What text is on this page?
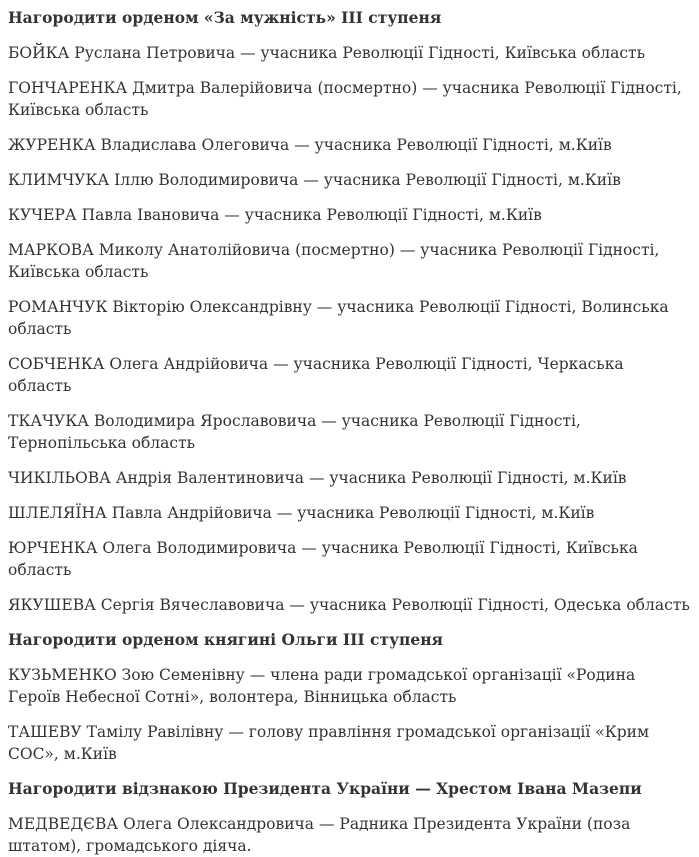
Нагородити орденом «За мужність» ІІІ ступеня
БОЙКА Руслана Петровича — учасника Революції Гідності, Київська область
ГОНЧАРЕНКА Дмитра Валерійовича (посмертно) — учасника Революції Гідності, Київська область
ЖУРЕНКА Владислава Олеговича — учасника Революції Гідності, м.Київ
КЛИМЧУКА Іллю Володимировича — учасника Революції Гідності, м.Київ
КУЧЕРА Павла Івановича — учасника Революції Гідності, м.Київ
МАРКОВА Миколу Анатолійовича (посмертно) — учасника Революції Гідності, Київська область
РОМАНЧУК Вікторію Олександрівну — учасника Революції Гідності, Волинська область
СОБЧЕНКА Олега Андрійовича — учасника Революції Гідності, Черкаська область
ТКАЧУКА Володимира Ярославовича — учасника Революції Гідності, Тернопільська область
ЧИКІЛЬОВА Андрія Валентиновича — учасника Революції Гідності, м.Київ
ШЛЕЛЯЇНА Павла Андрійовича — учасника Революції Гідності, м.Київ
ЮРЧЕНКА Олега Володимировича — учасника Революції Гідності, Київська область
ЯКУШЕВА Сергія Вячеславовича — учасника Революції Гідності, Одеська область
Нагородити орденом княгині Ольги ІІІ ступеня
КУЗЬМЕНКО Зою Семенівну — члена ради громадської організації «Родина Героїв Небесної Сотні», волонтера, Вінницька область
ТАШЕВУ Тамілу Равілівну — голову правління громадської організації «Крим СОС», м.Київ
Нагородити відзнакою Президента України — Хрестом Івана Мазепи
МЕДВЕДЄВА Олега Олександровича — Радника Президента України (поза штатом), громадського діяча.
